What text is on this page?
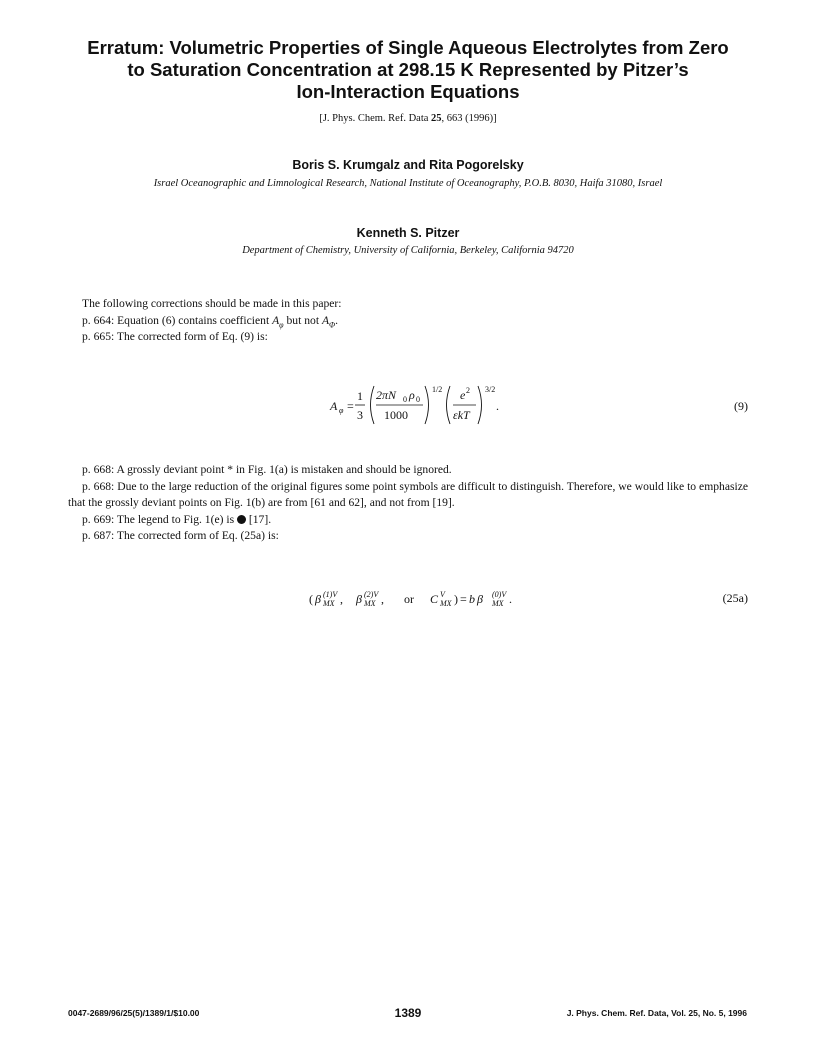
Erratum: Volumetric Properties of Single Aqueous Electrolytes from Zero
to Saturation Concentration at 298.15 K Represented by Pitzer’s
Ion-Interaction Equations
[J. Phys. Chem. Ref. Data 25, 663 (1996)]
Boris S. Krumgalz and Rita Pogorelsky
Israel Oceanographic and Limnological Research, National Institute of Oceanography, P.O.B. 8030, Haifa 31080, Israel
Kenneth S. Pitzer
Department of Chemistry, University of California, Berkeley, California 94720

The following corrections should be made in this paper:

p. 664: Equation (6) contains coefficient $A_\varphi$ but not $A_\Phi$.

p. 665: The corrected form of Eq. (9) is:

A φ =
1
3
2πN 0 ρ 0
1000
1/2 e 2
εkT
3/2
.	(9)

p. 668: A grossly deviant point * in Fig. 1(a) is mistaken and should be ignored.

p. 668: Due to the large reduction of the original figures some point symbols are difficult to distinguish. Therefore, we would like to emphasize that the grossly deviant points on Fig. 1(b) are from [61 and 62], and not from [19].

p. 669: The legend to Fig. 1(e) is  [17].

p. 687: The corrected form of Eq. (25a) is:

( β (1)V
MX , β (2)V
MX , or C V
MX ) = b β (0)V
MX .	(25a)
0047-2689/96/25(5)/1389/1/$10.00	1389	J. Phys. Chem. Ref. Data, Vol. 25, No. 5, 1996
